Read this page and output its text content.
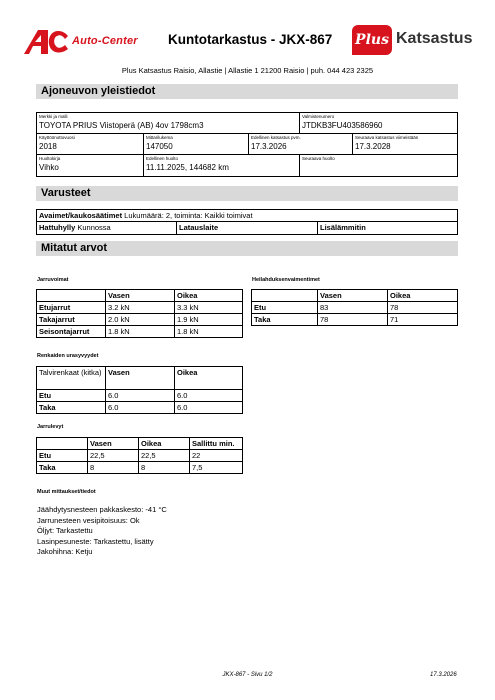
Auto-Center Kuntotarkastus - JKX-867 Plus Katsastus
Plus Katsastus Raisio, Allastie | Allastie 1 21200 Raisio | puh. 044 423 2325
Ajoneuvon yleistiedot
Merkki ja malli
TOYOTA PRIUS Viistoperä (AB) 4ov 1798cm3
Valmistenumero
JTDKB3FU403586960
Käyttöönottovuosi
2018
Mittarilukema
147050
Edellinen katsastus pvm.
17.3.2026
Seuraava katsastus viimeistään
17.3.2028
Huoltokirja
Vihko
Edellinen huolto
11.11.2025, 144682 km
Seuraava huolto
Varusteet
Avaimet/kaukosäätimet Lukumäärä: 2, toiminta: Kaikki toimivat
Hattuhylly Kunnossa	Latauslaite	Lisälämmitin
Mitatut arvot
Jarruvoimat
	Vasen	Oikea
Etujarrut	3.2 kN	3.3 kN
Takajarrut	2.0 kN	1.9 kN
Seisontajarrut	1.8 kN	1.8 kN
Heilahduksenvaimentimet
	Vasen	Oikea
Etu	83	78
Taka	78	71
Renkaiden urasyvyydet
Talvirenkaat (kitka)	Vasen	Oikea
Etu	6.0	6.0
Taka	6.0	6.0
Jarrulevyt
	Vasen	Oikea	Sallittu min.
Etu	22,5	22,5	22
Taka	8	8	7,5
Muut mittaukset/tiedot
Jäähdytysnesteen pakkaskesto: -41 °C
Jarrunesteen vesipitoisuus: Ok
Öljyt: Tarkastettu
Lasinpesuneste: Tarkastettu, lisätty
Jakohihna: Ketju
JKX-867 - Sivu 1/2	17.3.2026
